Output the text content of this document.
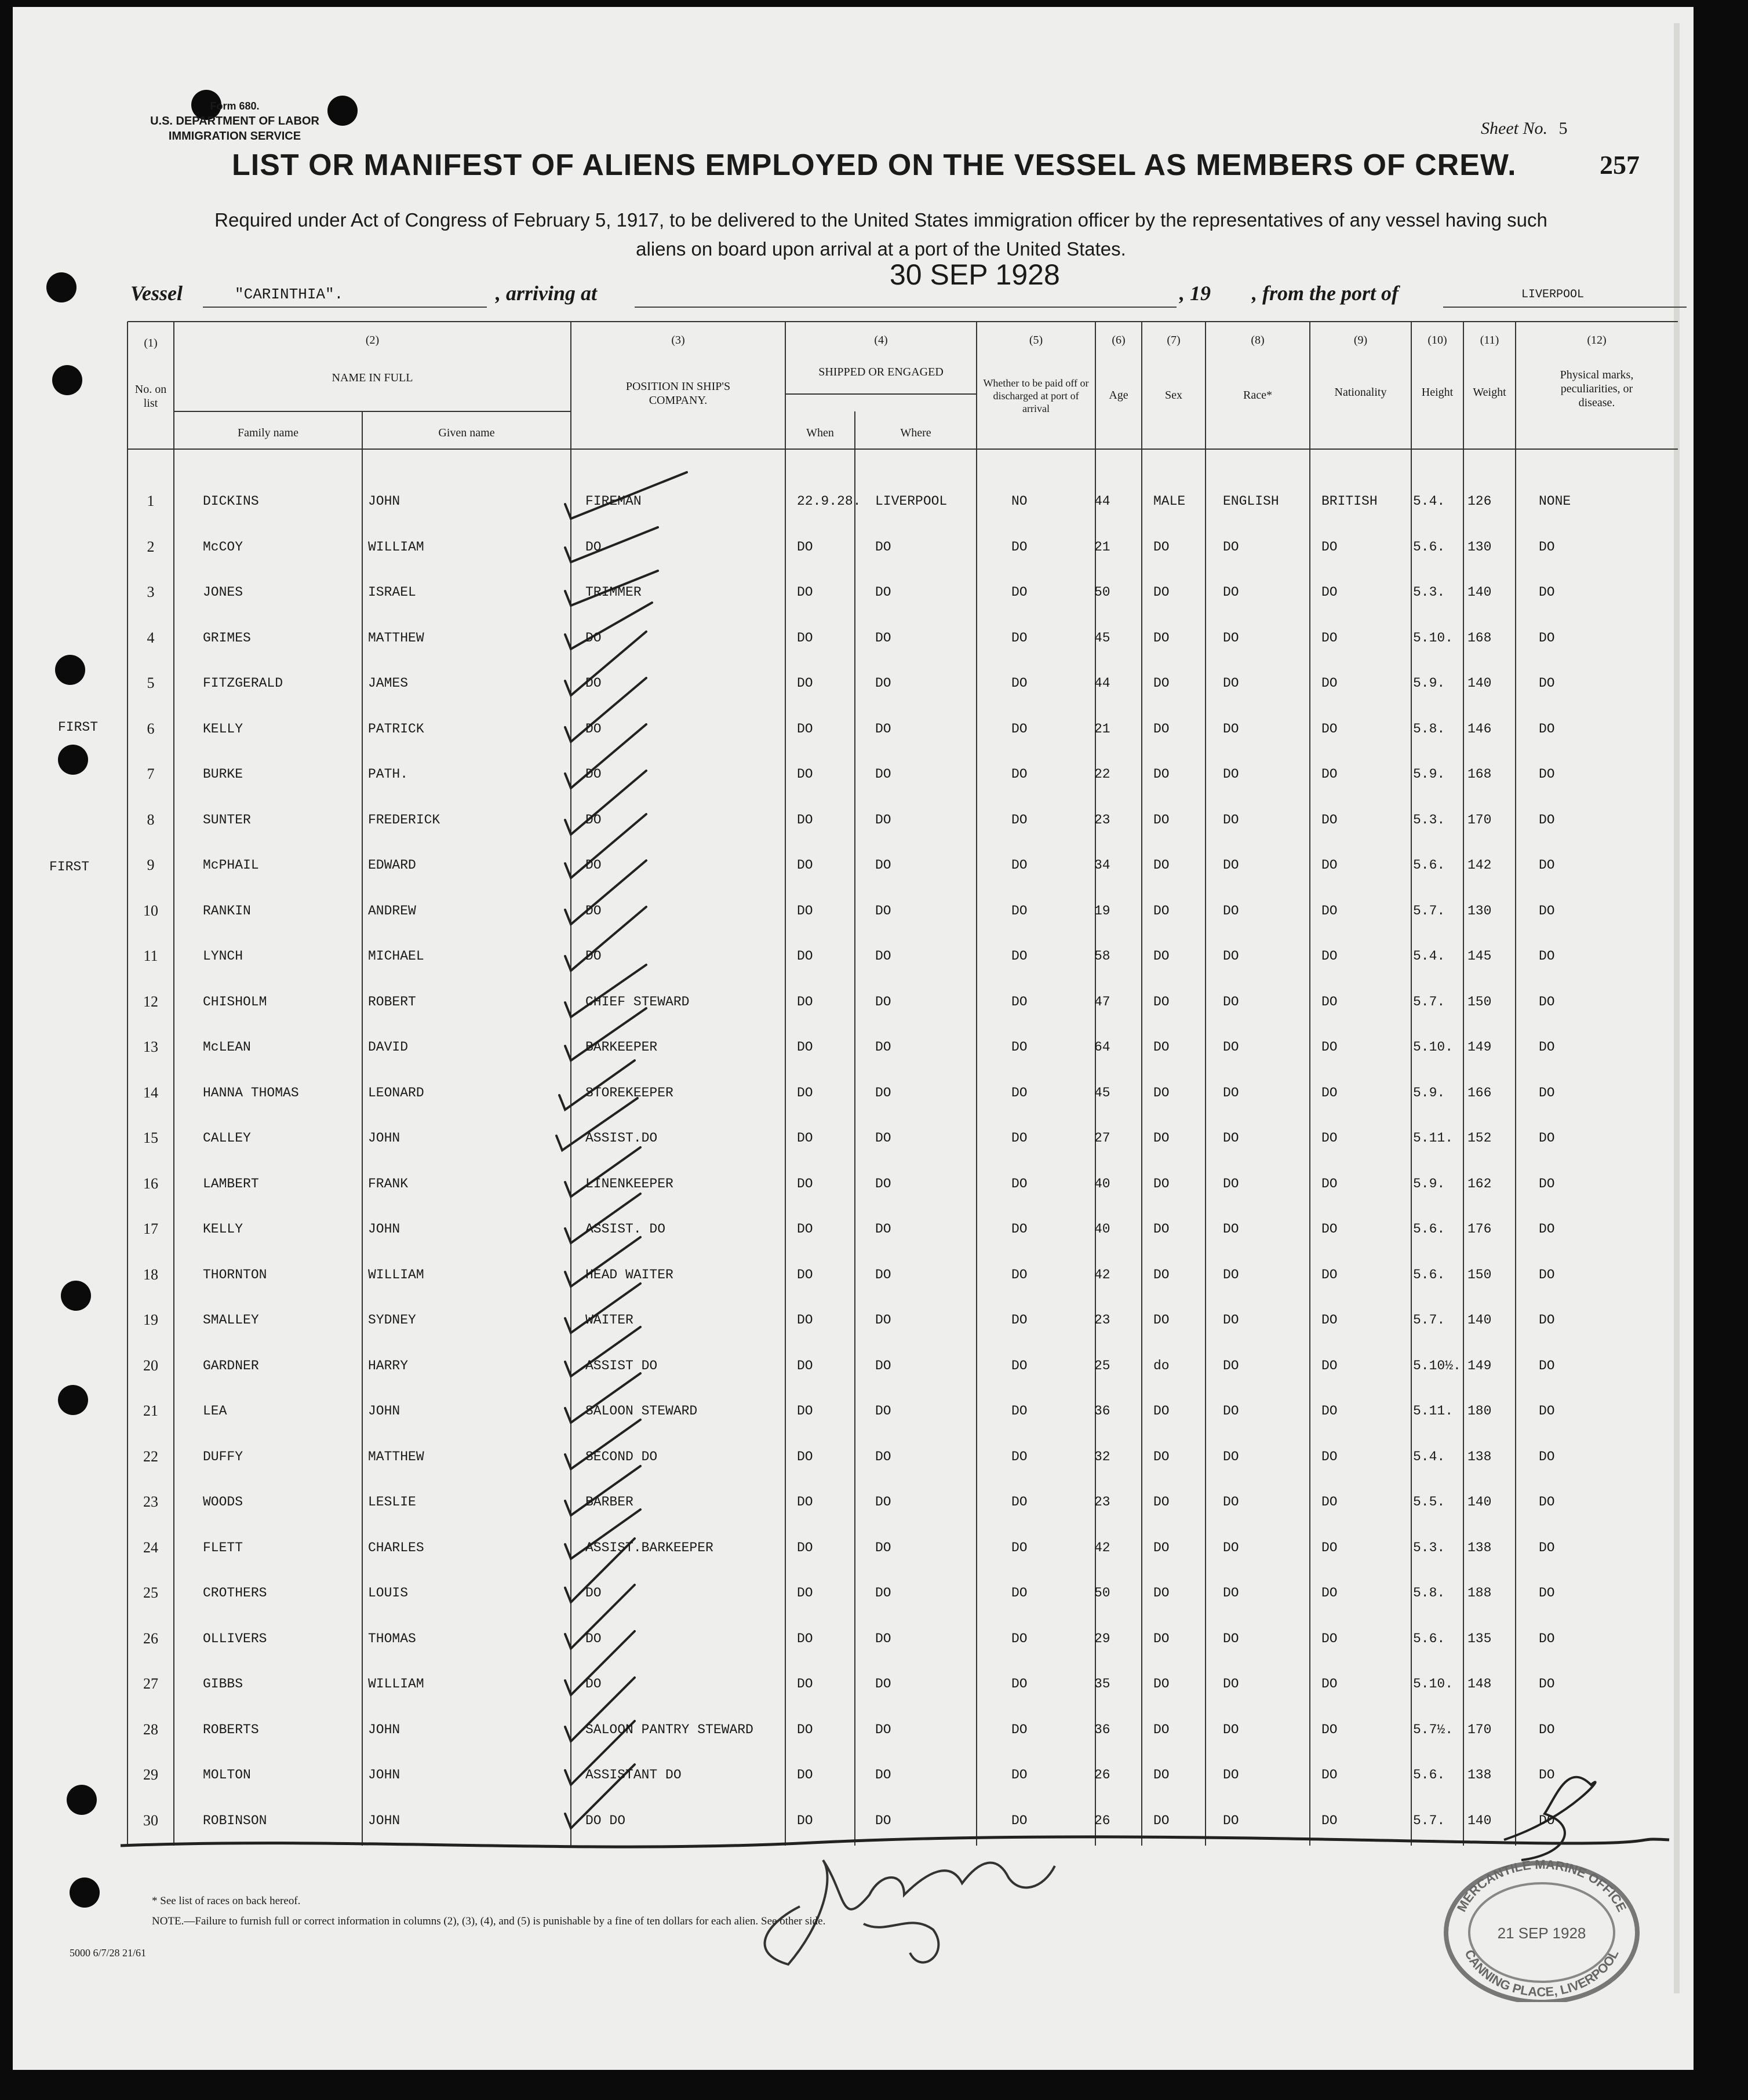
Form 680.
U.S. DEPARTMENT OF LABOR
IMMIGRATION SERVICE	Sheet No. 5
257
LIST OR MANIFEST OF ALIENS EMPLOYED ON THE VESSEL AS MEMBERS OF CREW.
Required under Act of Congress of February 5, 1917, to be delivered to the United States immigration officer by the representatives of any vessel having such
aliens on board upon arrival at a port of the United States.
Vessel	"CARINTHIA".	, arriving at	, 19 , from the port of	LIVERPOOL
30 SEP 1928
(1)
No. on list
(2)
NAME IN FULL
Family name	Given name
(3)
POSITION IN SHIP'S COMPANY.
(4)
SHIPPED OR ENGAGED
When	Where
(5)
Whether to be paid off or discharged at port of arrival
(6)
Age
(7)
Sex
(8)
Race*
(9)
Nationality
(10)
Height
(11)
Weight
(12)
Physical marks, peculiarities, or disease.
1	DICKINS	JOHN	FIREMAN	22.9.28. LIVERPOOL	NO	44	MALE	ENGLISH	BRITISH	5.4. 126	NONE
2	McCOY	WILLIAM	DO	DO	DO	DO	21	DO	DO	DO	5.6. 130	DO
3	JONES	ISRAEL	TRIMMER	DO	DO	DO	50	DO	DO	DO	5.3. 140	DO
4	GRIMES	MATTHEW	DO	DO	DO	DO	45	DO	DO	DO	5.10. 168	DO
5	FITZGERALD	JAMES	DO	DO	DO	DO	44	DO	DO	DO	5.9. 140	DO
6	KELLY	PATRICK	DO	DO	DO	DO	21	DO	DO	DO	5.8. 146	DO
7	BURKE	PATH.	DO	DO	DO	DO	22	DO	DO	DO	5.9. 168	DO
8	SUNTER	FREDERICK	DO	DO	DO	DO	23	DO	DO	DO	5.3. 170	DO
9	McPHAIL	EDWARD	DO	DO	DO	DO	34	DO	DO	DO	5.6. 142	DO
10	RANKIN	ANDREW	DO	DO	DO	DO	19	DO	DO	DO	5.7. 130	DO
11	LYNCH	MICHAEL	DO	DO	DO	DO	58	DO	DO	DO	5.4. 145	DO
12	CHISHOLM	ROBERT	CHIEF STEWARD	DO	DO	DO	47	DO	DO	DO	5.7. 150	DO
13	McLEAN	DAVID	BARKEEPER	DO	DO	DO	64	DO	DO	DO	5.10. 149	DO
14	HANNA THOMAS	LEONARD	STOREKEEPER	DO	DO	DO	45	DO	DO	DO	5.9. 166	DO
15	CALLEY	JOHN	ASSIST.DO	DO	DO	DO	27	DO	DO	DO	5.11. 152	DO
16	LAMBERT	FRANK	LINENKEEPER	DO	DO	DO	40	DO	DO	DO	5.9. 162	DO
17	KELLY	JOHN	ASSIST. DO	DO	DO	DO	40	DO	DO	DO	5.6. 176	DO
18	THORNTON	WILLIAM	HEAD WAITER	DO	DO	DO	42	DO	DO	DO	5.6. 150	DO
19	SMALLEY	SYDNEY	WAITER	DO	DO	DO	23	DO	DO	DO	5.7. 140	DO
20	GARDNER	HARRY	ASSIST DO	DO	DO	DO	25	do	DO	DO	5.10½. 149	DO
21	LEA	JOHN	SALOON STEWARD	DO	DO	DO	36	DO	DO	DO	5.11. 180	DO
22	DUFFY	MATTHEW	SECOND DO	DO	DO	DO	32	DO	DO	DO	5.4. 138	DO
23	WOODS	LESLIE	BARBER	DO	DO	DO	23	DO	DO	DO	5.5. 140	DO
24	FLETT	CHARLES	ASSIST.BARKEEPER	DO	DO	DO	42	DO	DO	DO	5.3. 138	DO
25	CROTHERS	LOUIS	DO	DO	DO	DO	50	DO	DO	DO	5.8. 188	DO
26	OLLIVERS	THOMAS	DO	DO	DO	DO	29	DO	DO	DO	5.6. 135	DO
27	GIBBS	WILLIAM	DO	DO	DO	DO	35	DO	DO	DO	5.10. 148	DO
28	ROBERTS	JOHN	SALOON PANTRY STEWARD	DO	DO	DO	36	DO	DO	DO	5.7½. 170	DO
29	MOLTON	JOHN	ASSISTANT DO	DO	DO	DO	26	DO	DO	DO	5.6. 138	DO
30	ROBINSON	JOHN	DO DO	DO	DO	DO	26	DO	DO	DO	5.7. 140	DO
FIRST
FIRST
* See list of races on back hereof.
NOTE.—Failure to furnish full or correct information in columns (2), (3), (4), and (5) is punishable by a fine of ten dollars for each alien. See other side.
5000 6/7/28 21/61
MERCANTILE MARINE OFFICE
CANNING PLACE, LIVERPOOL
21 SEP 1928
